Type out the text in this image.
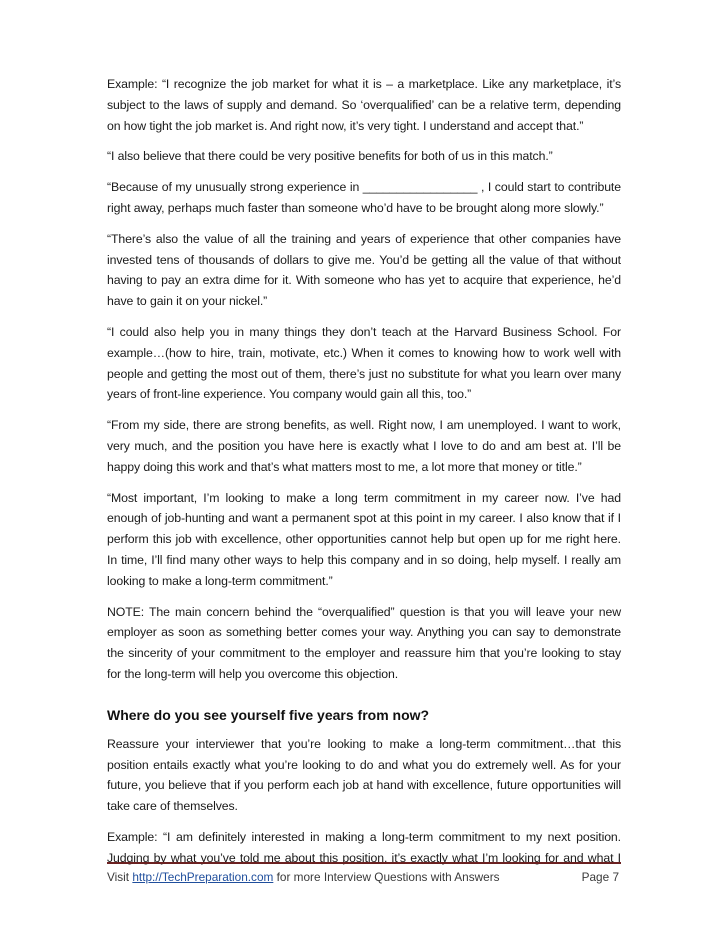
Example: “I recognize the job market for what it is – a marketplace. Like any marketplace, it’s subject to the laws of supply and demand. So ‘overqualified’ can be a relative term, depending on how tight the job market is. And right now, it’s very tight. I understand and accept that.”

“I also believe that there could be very positive benefits for both of us in this match.”

“Because of my unusually strong experience in _________________ , I could start to contribute right away, perhaps much faster than someone who’d have to be brought along more slowly.”

“There’s also the value of all the training and years of experience that other companies have invested tens of thousands of dollars to give me. You’d be getting all the value of that without having to pay an extra dime for it. With someone who has yet to acquire that experience, he’d have to gain it on your nickel.”

“I could also help you in many things they don’t teach at the Harvard Business School. For example…(how to hire, train, motivate, etc.) When it comes to knowing how to work well with people and getting the most out of them, there’s just no substitute for what you learn over many years of front-line experience. You company would gain all this, too.”

“From my side, there are strong benefits, as well. Right now, I am unemployed. I want to work, very much, and the position you have here is exactly what I love to do and am best at. I’ll be happy doing this work and that’s what matters most to me, a lot more that money or title.”

“Most important, I’m looking to make a long term commitment in my career now. I’ve had enough of job-hunting and want a permanent spot at this point in my career. I also know that if I perform this job with excellence, other opportunities cannot help but open up for me right here. In time, I’ll find many other ways to help this company and in so doing, help myself. I really am looking to make a long-term commitment.”

NOTE: The main concern behind the “overqualified” question is that you will leave your new employer as soon as something better comes your way. Anything you can say to demonstrate the sincerity of your commitment to the employer and reassure him that you’re looking to stay for the long-term will help you overcome this objection.

Where do you see yourself five years from now?

Reassure your interviewer that you’re looking to make a long-term commitment…that this position entails exactly what you’re looking to do and what you do extremely well. As for your future, you believe that if you perform each job at hand with excellence, future opportunities will take care of themselves.

Example: “I am definitely interested in making a long-term commitment to my next position. Judging by what you’ve told me about this position, it’s exactly what I’m looking for and what I

Visit http://TechPreparation.com for more Interview Questions with Answers	Page 7
